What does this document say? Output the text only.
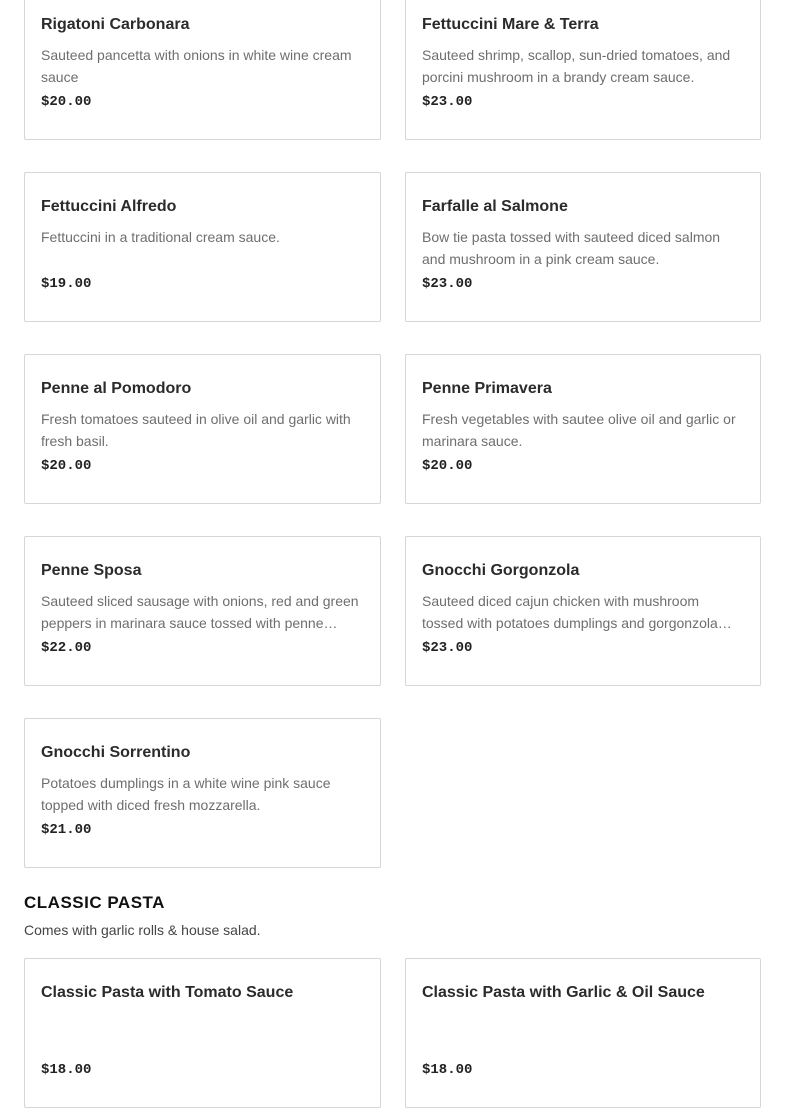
Rigatoni Carbonara
Sauteed pancetta with onions in white wine cream sauce
$20.00
Fettuccini Mare & Terra
Sauteed shrimp, scallop, sun-dried tomatoes, and porcini mushroom in a brandy cream sauce.
$23.00
Fettuccini Alfredo
Fettuccini in a traditional cream sauce.
$19.00
Farfalle al Salmone
Bow tie pasta tossed with sauteed diced salmon and mushroom in a pink cream sauce.
$23.00
Penne al Pomodoro
Fresh tomatoes sauteed in olive oil and garlic with fresh basil.
$20.00
Penne Primavera
Fresh vegetables with sautee olive oil and garlic or marinara sauce.
$20.00
Penne Sposa
Sauteed sliced sausage with onions, red and green peppers in marinara sauce tossed with penne…
$22.00
Gnocchi Gorgonzola
Sauteed diced cajun chicken with mushroom tossed with potatoes dumplings and gorgonzola…
$23.00
Gnocchi Sorrentino
Potatoes dumplings in a white wine pink sauce topped with diced fresh mozzarella.
$21.00
CLASSIC PASTA
Comes with garlic rolls & house salad.
Classic Pasta with Tomato Sauce
$18.00
Classic Pasta with Garlic & Oil Sauce
$18.00
